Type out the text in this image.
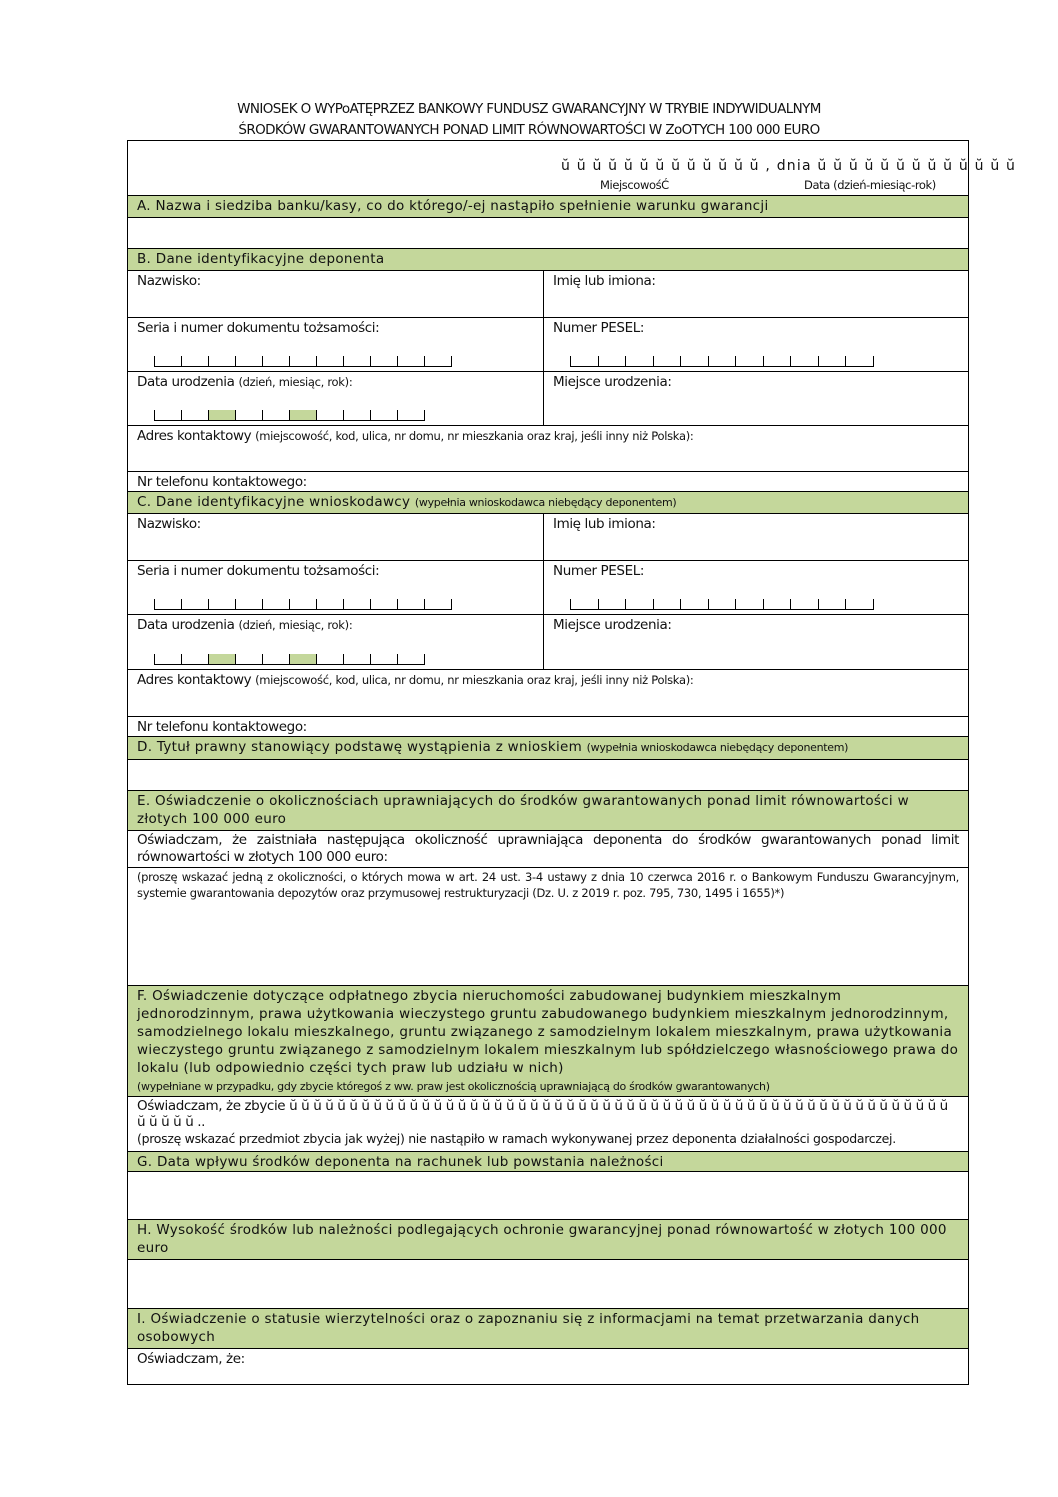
WNIOSEK O WYPoATĘPRZEZ BANKOWY FUNDUSZ GWARANCYJNY W TRYBIE INDYWIDUALNYM
ŚRODKÓW GWARANTOWANYCH PONAD LIMIT RÓWNOWARTOŚCI W ZoOTYCH 100 000 EURO
ŭ ŭ ŭ ŭ ŭ ŭ ŭ ŭ ŭ ŭ ŭ ŭ ŭ , dnia ŭ ŭ ŭ ŭ ŭ ŭ ŭ ŭ ŭ ŭ ŭ ŭ ŭ
MiejscowośĆ	Data (dzień-miesiąc-rok)
A. Nazwa i siedziba banku/kasy, co do którego/-ej nastąpiło spełnienie warunku gwarancji
B. Dane identyfikacyjne deponenta
Nazwisko:	Imię lub imiona:
Seria i numer dokumentu tożsamości:	Numer PESEL:
Data urodzenia (dzień, miesiąc, rok):	Miejsce urodzenia:
Adres kontaktowy (miejscowość, kod, ulica, nr domu, nr mieszkania oraz kraj, jeśli inny niż Polska):
Nr telefonu kontaktowego:
C. Dane identyfikacyjne wnioskodawcy (wypełnia wnioskodawca niebędący deponentem)
Nazwisko:	Imię lub imiona:
Seria i numer dokumentu tożsamości:	Numer PESEL:
Data urodzenia (dzień, miesiąc, rok):	Miejsce urodzenia:
Adres kontaktowy (miejscowość, kod, ulica, nr domu, nr mieszkania oraz kraj, jeśli inny niż Polska):
Nr telefonu kontaktowego:
D. Tytuł prawny stanowiący podstawę wystąpienia z wnioskiem (wypełnia wnioskodawca niebędący deponentem)
E. Oświadczenie o okolicznościach uprawniających do środków gwarantowanych ponad limit równowartości w złotych 100 000 euro
Oświadczam, że zaistniała następująca okoliczność uprawniająca deponenta do środków gwarantowanych ponad limit równowartości w złotych 100 000 euro:
(proszę wskazać jedną z okoliczności, o których mowa w art. 24 ust. 3-4 ustawy z dnia 10 czerwca 2016 r. o Bankowym Funduszu Gwarancyjnym, systemie gwarantowania depozytów oraz przymusowej restrukturyzacji (Dz. U. z 2019 r. poz. 795, 730, 1495 i 1655)*)
F. Oświadczenie dotyczące odpłatnego zbycia nieruchomości zabudowanej budynkiem mieszkalnym jednorodzinnym, prawa użytkowania wieczystego gruntu zabudowanego budynkiem mieszkalnym jednorodzinnym, samodzielnego lokalu mieszkalnego, gruntu związanego z samodzielnym lokalem mieszkalnym, prawa użytkowania wieczystego gruntu związanego z samodzielnym lokalem mieszkalnym lub spółdzielczego własnościowego prawa do lokalu (lub odpowiednio części tych praw lub udziału w nich)
(wypełniane w przypadku, gdy zbycie któregoś z ww. praw jest okolicznością uprawniającą do środków gwarantowanych)
Oświadczam, że zbycie ŭ ŭ ŭ ŭ ŭ ŭ ŭ ŭ ŭ ŭ ŭ ŭ ŭ ŭ ŭ ŭ ŭ ŭ ŭ ŭ ŭ ŭ ŭ ŭ ŭ ŭ ŭ ŭ ŭ ŭ ŭ ŭ ŭ ŭ ŭ ŭ ŭ ŭ ŭ ŭ ŭ ŭ ŭ ŭ ŭ ŭ ŭ ŭ ŭ ŭ ŭ ŭ ŭ ŭ ŭ ŭ ŭ ŭ ŭ ŭ ..
(proszę wskazać przedmiot zbycia jak wyżej) nie nastąpiło w ramach wykonywanej przez deponenta działalności gospodarczej.
G. Data wpływu środków deponenta na rachunek lub powstania należności
H. Wysokość środków lub należności podlegających ochronie gwarancyjnej ponad równowartość w złotych 100 000 euro
I. Oświadczenie o statusie wierzytelności oraz o zapoznaniu się z informacjami na temat przetwarzania danych osobowych
Oświadczam, że:
